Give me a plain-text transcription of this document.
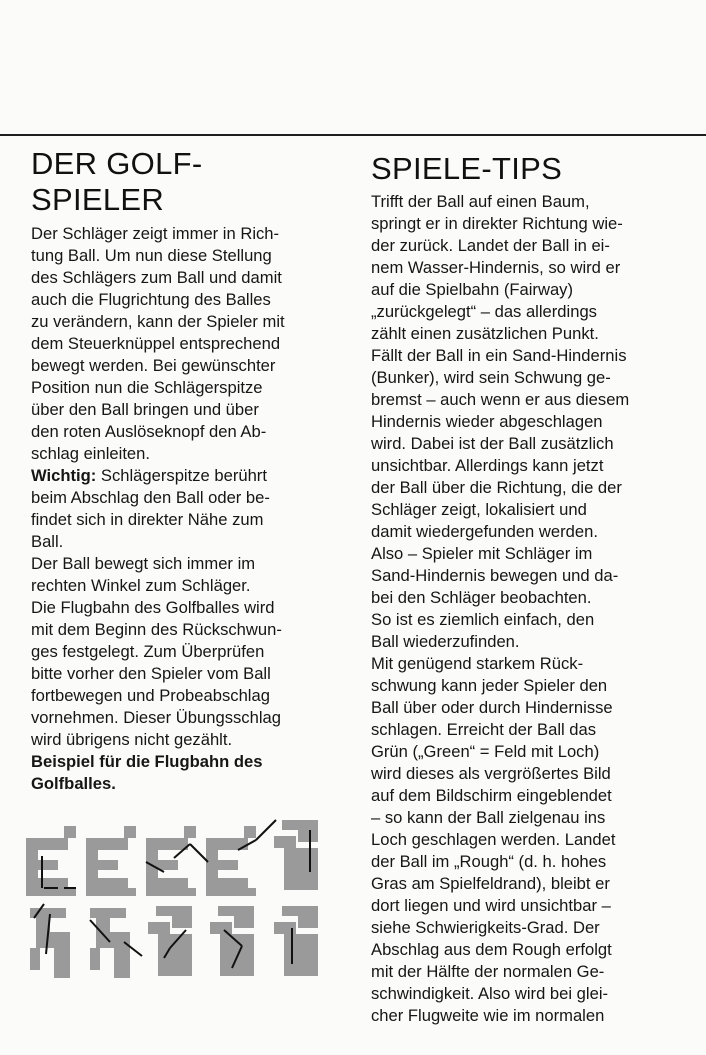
DER GOLF-
SPIELER

Der Schläger zeigt immer in Rich-
tung Ball. Um nun diese Stellung
des Schlägers zum Ball und damit
auch die Flugrichtung des Balles
zu verändern, kann der Spieler mit
dem Steuerknüppel entsprechend
bewegt werden. Bei gewünschter
Position nun die Schlägerspitze
über den Ball bringen und über
den roten Auslöseknopf den Ab-
schlag einleiten.

Wichtig: Schlägerspitze berührt
beim Abschlag den Ball oder be-
findet sich in direkter Nähe zum
Ball.

Der Ball bewegt sich immer im
rechten Winkel zum Schläger.
Die Flugbahn des Golfballes wird
mit dem Beginn des Rückschwun-
ges festgelegt. Zum Überprüfen
bitte vorher den Spieler vom Ball
fortbewegen und Probeabschlag
vornehmen. Dieser Übungsschlag
wird übrigens nicht gezählt.

Beispiel für die Flugbahn des
Golfballes.

SPIELE-TIPS

Trifft der Ball auf einen Baum,
springt er in direkter Richtung wie-
der zurück. Landet der Ball in ei-
nem Wasser-Hindernis, so wird er
auf die Spielbahn (Fairway)
„zurückgelegt“ – das allerdings
zählt einen zusätzlichen Punkt.
Fällt der Ball in ein Sand-Hindernis
(Bunker), wird sein Schwung ge-
bremst – auch wenn er aus diesem
Hindernis wieder abgeschlagen
wird. Dabei ist der Ball zusätzlich
unsichtbar. Allerdings kann jetzt
der Ball über die Richtung, die der
Schläger zeigt, lokalisiert und
damit wiedergefunden werden.
Also – Spieler mit Schläger im
Sand-Hindernis bewegen und da-
bei den Schläger beobachten.
So ist es ziemlich einfach, den
Ball wiederzufinden.
Mit genügend starkem Rück-
schwung kann jeder Spieler den
Ball über oder durch Hindernisse
schlagen. Erreicht der Ball das
Grün („Green“ = Feld mit Loch)
wird dieses als vergrößertes Bild
auf dem Bildschirm eingeblendet
– so kann der Ball zielgenau ins
Loch geschlagen werden. Landet
der Ball im „Rough“ (d. h. hohes
Gras am Spielfeldrand), bleibt er
dort liegen und wird unsichtbar –
siehe Schwierigkeits-Grad. Der
Abschlag aus dem Rough erfolgt
mit der Hälfte der normalen Ge-
schwindigkeit. Also wird bei glei-
cher Flugweite wie im normalen
